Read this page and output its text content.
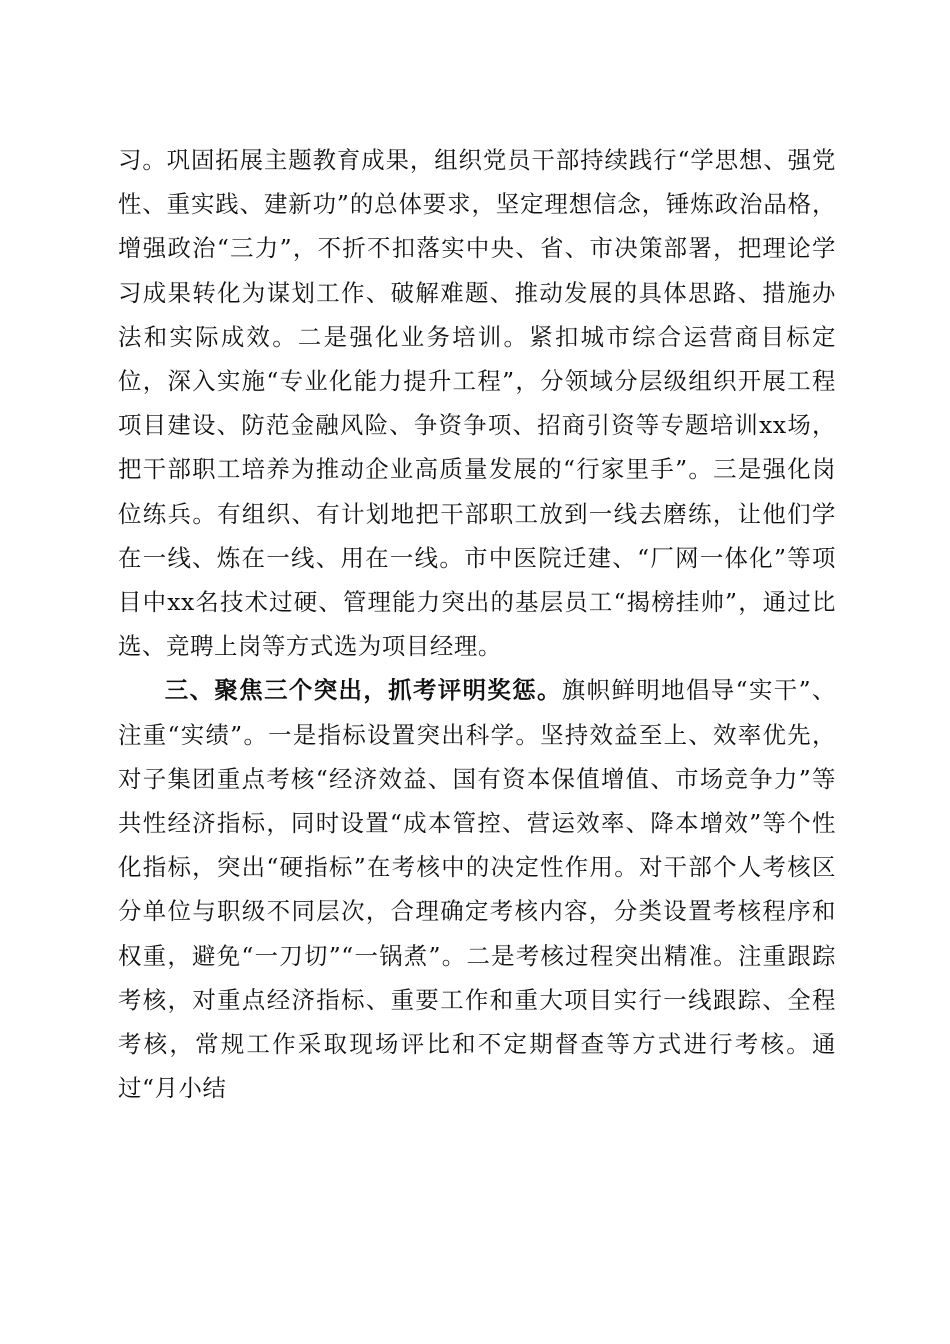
习。巩固拓展主题教育成果，组织党员干部持续践行“学思想、强党性、重实践、建新功”的总体要求，坚定理想信念，锤炼政治品格，增强政治“三力”，不折不扣落实中央、省、市决策部署，把理论学习成果转化为谋划工作、破解难题、推动发展的具体思路、措施办法和实际成效。二是强化业务培训。紧扣城市综合运营商目标定位，深入实施“专业化能力提升工程”，分领域分层级组织开展工程项目建设、防范金融风险、争资争项、招商引资等专题培训xx场，把干部职工培养为推动企业高质量发展的“行家里手”。三是强化岗位练兵。有组织、有计划地把干部职工放到一线去磨练，让他们学在一线、炼在一线、用在一线。市中医院迁建、“厂网一体化”等项目中xx名技术过硬、管理能力突出的基层员工“揭榜挂帅”，通过比选、竞聘上岗等方式选为项目经理。

三、聚焦三个突出，抓考评明奖惩。旗帜鲜明地倡导“实干”、注重“实绩”。一是指标设置突出科学。坚持效益至上、效率优先，对子集团重点考核“经济效益、国有资本保值增值、市场竞争力”等共性经济指标，同时设置“成本管控、营运效率、降本增效”等个性化指标，突出“硬指标”在考核中的决定性作用。对干部个人考核区分单位与职级不同层次，合理确定考核内容，分类设置考核程序和权重，避免“一刀切”“一锅煮”。二是考核过程突出精准。注重跟踪考核，对重点经济指标、重要工作和重大项目实行一线跟踪、全程考核，常规工作采取现场评比和不定期督查等方式进行考核。通过“月小结
